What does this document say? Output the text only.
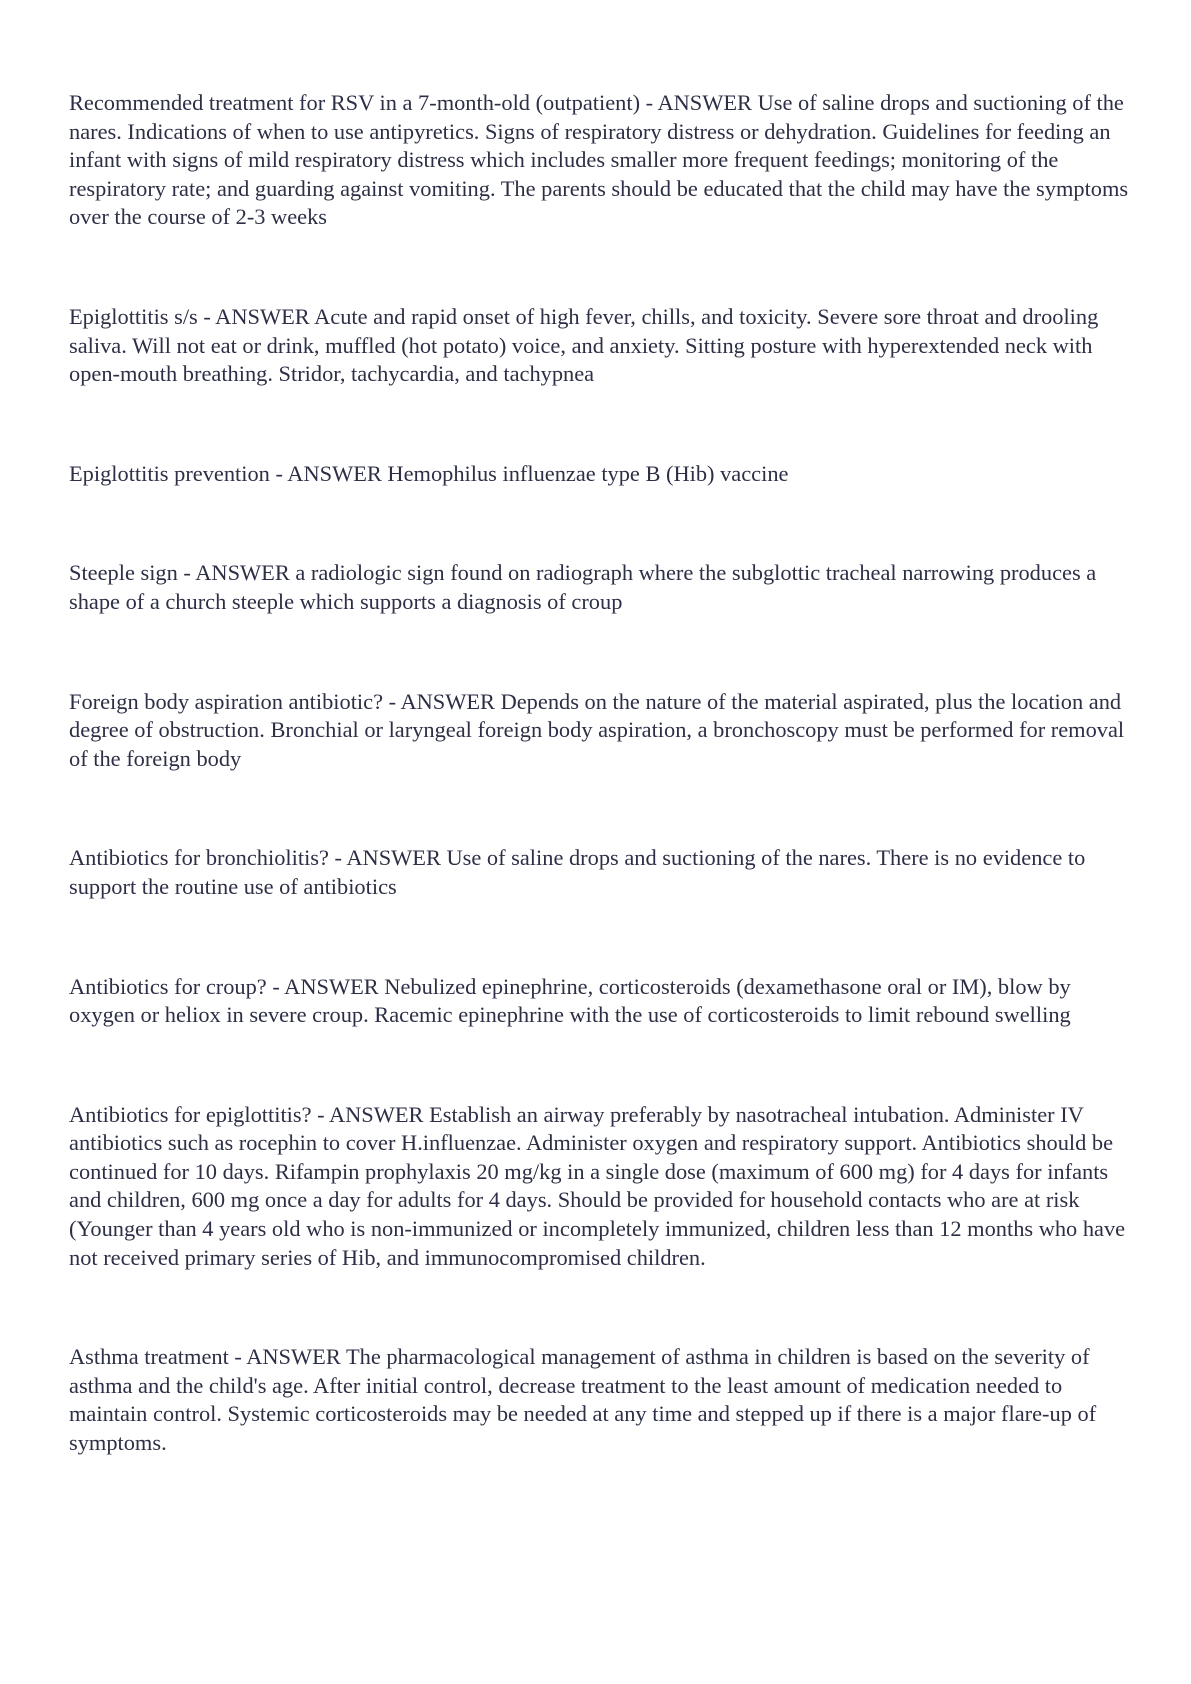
Recommended treatment for RSV in a 7-month-old (outpatient) - ANSWER Use of saline drops and suctioning of the nares. Indications of when to use antipyretics. Signs of respiratory distress or dehydration. Guidelines for feeding an infant with signs of mild respiratory distress which includes smaller more frequent feedings; monitoring of the respiratory rate; and guarding against vomiting. The parents should be educated that the child may have the symptoms over the course of 2-3 weeks

Epiglottitis s/s - ANSWER Acute and rapid onset of high fever, chills, and toxicity. Severe sore throat and drooling saliva. Will not eat or drink, muffled (hot potato) voice, and anxiety. Sitting posture with hyperextended neck with open-mouth breathing. Stridor, tachycardia, and tachypnea

Epiglottitis prevention - ANSWER Hemophilus influenzae type B (Hib) vaccine

Steeple sign - ANSWER a radiologic sign found on radiograph where the subglottic tracheal narrowing produces a shape of a church steeple which supports a diagnosis of croup

Foreign body aspiration antibiotic? - ANSWER Depends on the nature of the material aspirated, plus the location and degree of obstruction. Bronchial or laryngeal foreign body aspiration, a bronchoscopy must be performed for removal of the foreign body

Antibiotics for bronchiolitis? - ANSWER Use of saline drops and suctioning of the nares. There is no evidence to support the routine use of antibiotics

Antibiotics for croup? - ANSWER Nebulized epinephrine, corticosteroids (dexamethasone oral or IM), blow by oxygen or heliox in severe croup. Racemic epinephrine with the use of corticosteroids to limit rebound swelling

Antibiotics for epiglottitis? - ANSWER Establish an airway preferably by nasotracheal intubation. Administer IV antibiotics such as rocephin to cover H.influenzae. Administer oxygen and respiratory support. Antibiotics should be continued for 10 days. Rifampin prophylaxis 20 mg/kg in a single dose (maximum of 600 mg) for 4 days for infants and children, 600 mg once a day for adults for 4 days. Should be provided for household contacts who are at risk (Younger than 4 years old who is non-immunized or incompletely immunized, children less than 12 months who have not received primary series of Hib, and immunocompromised children.

Asthma treatment - ANSWER The pharmacological management of asthma in children is based on the severity of asthma and the child's age. After initial control, decrease treatment to the least amount of medication needed to maintain control. Systemic corticosteroids may be needed at any time and stepped up if there is a major flare-up of symptoms.
